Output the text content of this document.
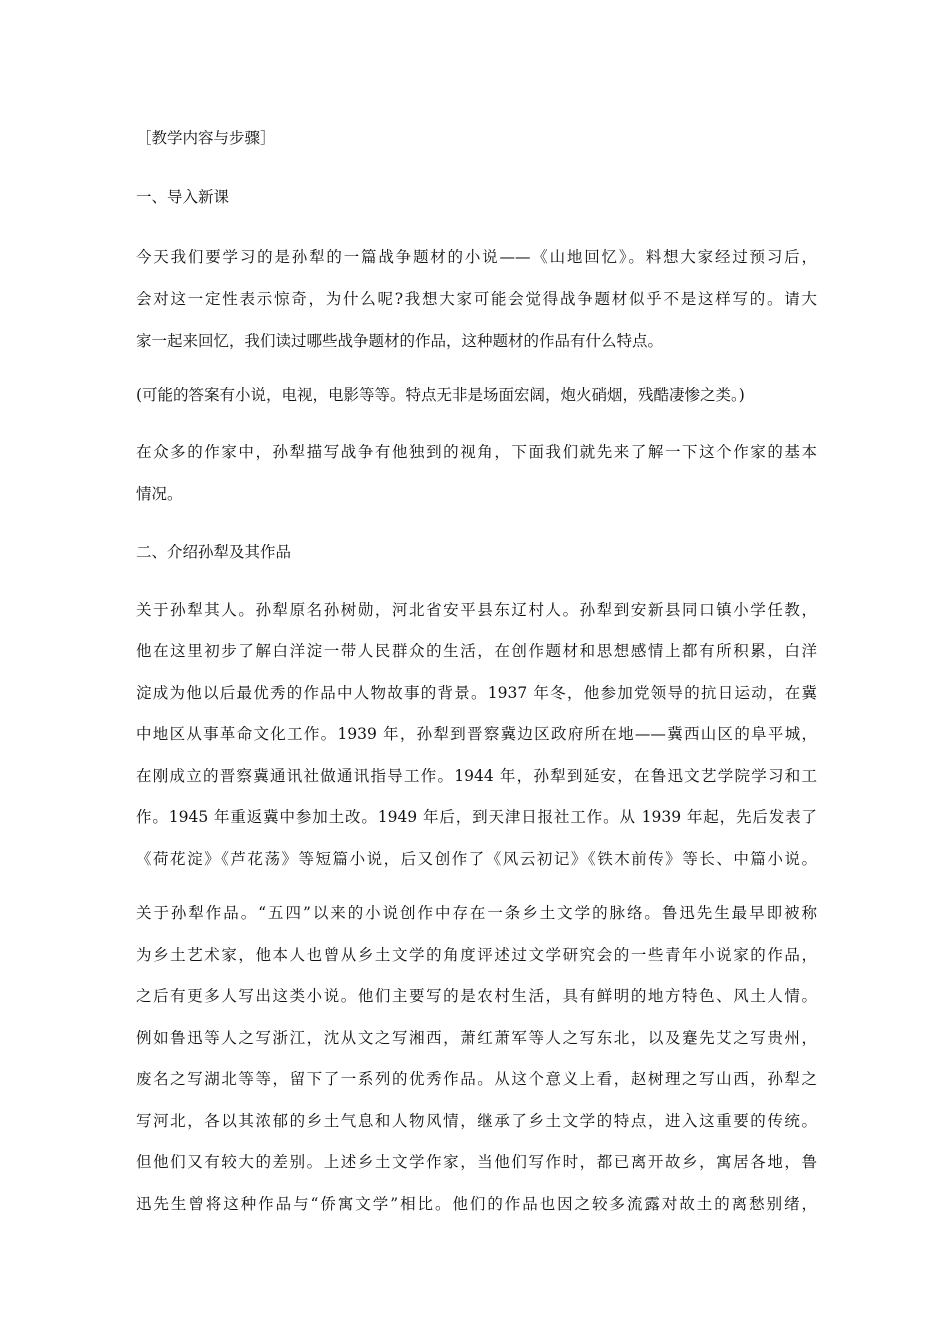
［教学内容与步骤］
一、导入新课
今天我们要学习的是孙犁的一篇战争题材的小说——《山地回忆》。料想大家经过预习后，
会对这一定性表示惊奇，为什么呢?我想大家可能会觉得战争题材似乎不是这样写的。请大
家一起来回忆，我们读过哪些战争题材的作品，这种题材的作品有什么特点。
(可能的答案有小说，电视，电影等等。特点无非是场面宏阔，炮火硝烟，残酷凄惨之类。)
在众多的作家中，孙犁描写战争有他独到的视角，下面我们就先来了解一下这个作家的基本
情况。
二、介绍孙犁及其作品
关于孙犁其人。孙犁原名孙树勋，河北省安平县东辽村人。孙犁到安新县同口镇小学任教，
他在这里初步了解白洋淀一带人民群众的生活，在创作题材和思想感情上都有所积累，白洋
淀成为他以后最优秀的作品中人物故事的背景。1937 年冬，他参加党领导的抗日运动，在冀
中地区从事革命文化工作。1939 年，孙犁到晋察冀边区政府所在地——冀西山区的阜平城，
在刚成立的晋察冀通讯社做通讯指导工作。1944 年，孙犁到延安，在鲁迅文艺学院学习和工
作。1945 年重返冀中参加土改。1949 年后，到天津日报社工作。从 1939 年起，先后发表了
《荷花淀》《芦花荡》等短篇小说，后又创作了《风云初记》《铁木前传》等长、中篇小说。
关于孙犁作品。“五四”以来的小说创作中存在一条乡土文学的脉络。鲁迅先生最早即被称
为乡土艺术家，他本人也曾从乡土文学的角度评述过文学研究会的一些青年小说家的作品，
之后有更多人写出这类小说。他们主要写的是农村生活，具有鲜明的地方特色、风土人情。
例如鲁迅等人之写浙江，沈从文之写湘西，萧红萧军等人之写东北，以及蹇先艾之写贵州，
废名之写湖北等等，留下了一系列的优秀作品。从这个意义上看，赵树理之写山西，孙犁之
写河北，各以其浓郁的乡土气息和人物风情，继承了乡土文学的特点，进入这重要的传统。
但他们又有较大的差别。上述乡土文学作家，当他们写作时，都已离开故乡，寓居各地，鲁
迅先生曾将这种作品与“侨寓文学”相比。他们的作品也因之较多流露对故土的离愁别绪，
